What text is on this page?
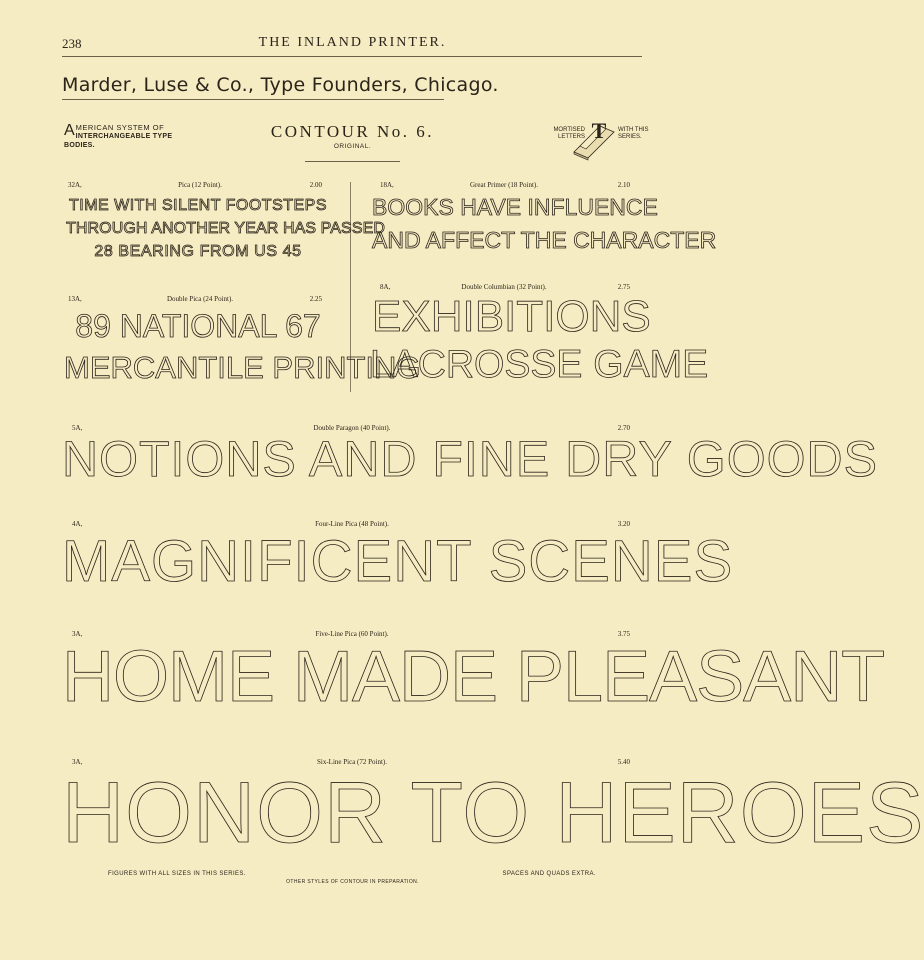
238	THE INLAND PRINTER.
Marder, Luse & Co., Type Founders, Chicago.
A MERICAN SYSTEM OF
INTERCHANGEABLE TYPE BODIES.
CONTOUR No. 6.
ORIGINAL.
MORTISED
LETTERS T WITH THIS
SERIES.
32A,	Pica (12 Point).	2.00
TIME WITH SILENT FOOTSTEPS
THROUGH ANOTHER YEAR HAS PASSED
28 BEARING FROM US 45
18A,	Great Primer (18 Point).	2.10
BOOKS HAVE INFLUENCE
AND AFFECT THE CHARACTER
13A,	Double Pica (24 Point).	2.25
89 NATIONAL 67
MERCANTILE PRINTING
8A,	Double Columbian (32 Point).	2.75
EXHIBITIONS
LACROSSE GAME
5A,	Double Paragon (40 Point).	2.70
NOTIONS AND FINE DRY GOODS
4A,	Four-Line Pica (48 Point).	3.20
MAGNIFICENT SCENES
3A,	Five-Line Pica (60 Point).	3.75
HOME MADE PLEASANT
3A,	Six-Line Pica (72 Point).	5.40
HONOR TO HEROES
FIGURES WITH ALL SIZES IN THIS SERIES.	SPACES AND QUADS EXTRA.
OTHER STYLES OF CONTOUR IN PREPARATION.
